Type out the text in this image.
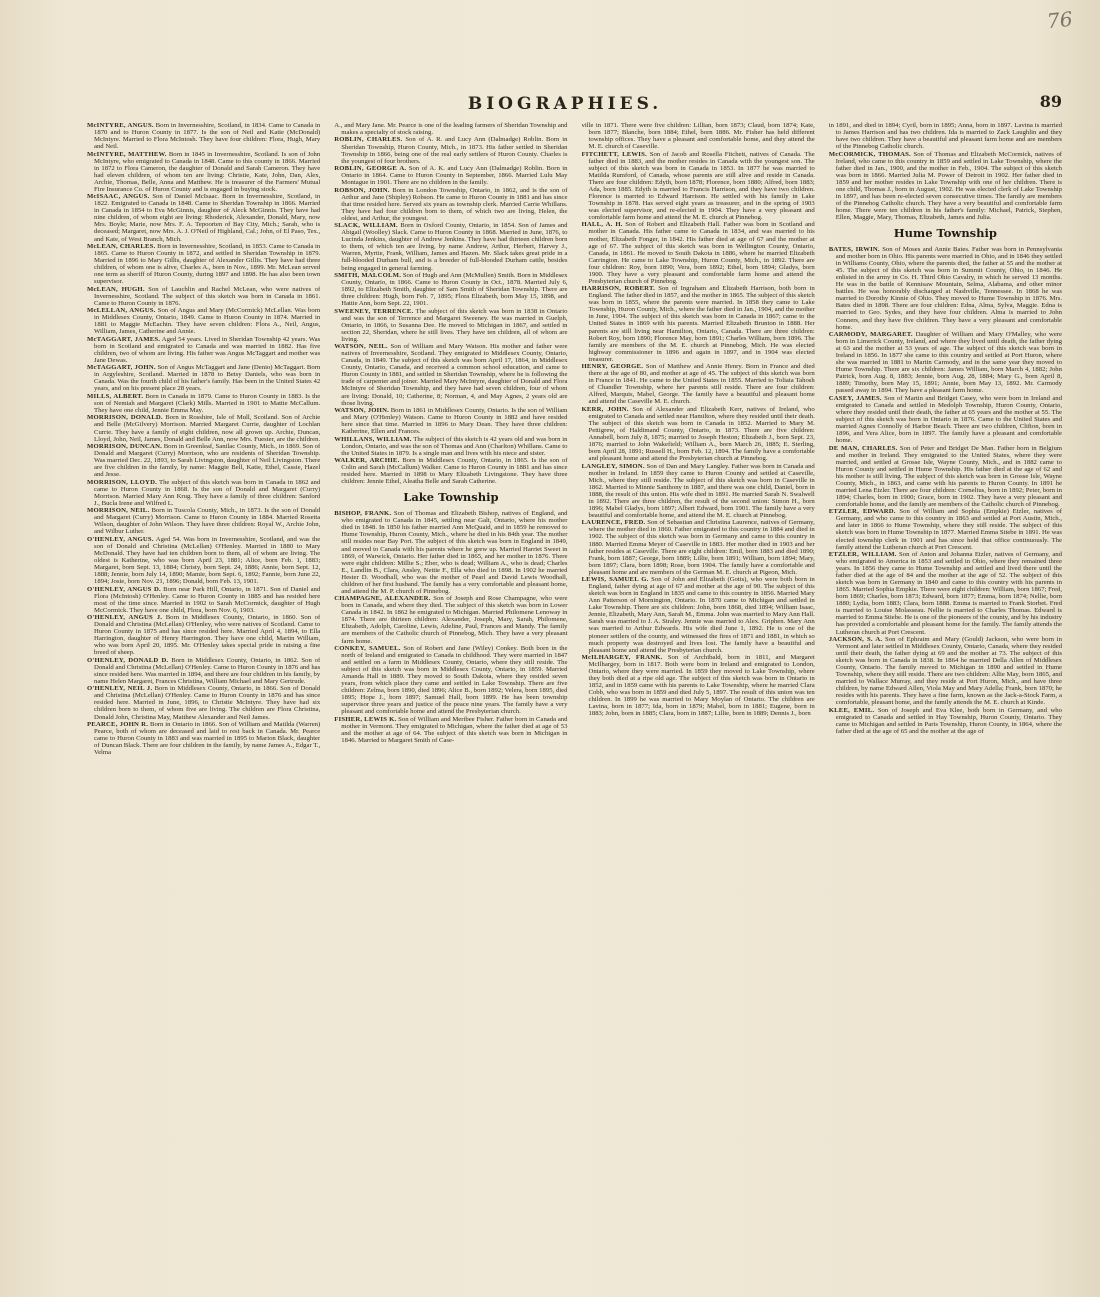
76
BIOGRAPHIES.	89

McINTYRE, ANGUS. Born in Invernesshire, Scotland, in 1834. Came to Canada in 1870 and to Huron County in 1877. Is the son of Neil and Katie (McDonald) McIntyre. Married to Flora McIntosh. They have four children: Flora, Hugh, Mary and Neil.

McINTYRE, MATTHEW. Born in 1845 in Invernesshire, Scotland. Is son of John McIntyre, who emigrated to Canada in 1848. Came to this county in 1866. Married in 1872 to Flora Cameron, the daughter of Donald and Sarah Cameron. They have had eleven children, of whom ten are living: Christie, Kate, John, Dan, Alex, Archie, Thomas, Belle, Anna and Matthew. He is treasurer of the Farmers' Mutual Fire Insurance Co. of Huron County and is engaged in buying stock.

McISAAC, ANGUS. Son of Daniel McIsaac. Born in Invernesshire, Scotland, in 1822. Emigrated to Canada in 1848. Came to Sheridan Township in 1866. Married in Canada in 1854 to Eva McGinnis, daughter of Aleck McGinnis. They have had nine children, of whom eight are living: Rhoderick, Alexander, Donald, Mary, now Mrs. Boyle; Marie, now Mrs. F. A. Tepoorten of Bay City, Mich.; Sarah, who is deceased; Margaret, now Mrs. A. J. O'Neil of Highland, Cal.; John, of El Paso, Tex., and Kate, of West Branch, Mich.

McLEAN, CHARLES. Born in Invernesshire, Scotland, in 1853. Came to Canada in 1865. Came to Huron County in 1872, and settled in Sheridan Township in 1879. Married in 1896 to Mary Gillis, daughter of Alexander Gillis. They have had three children, of whom one is alive, Charles A., born in Nov., 1899. Mr. McLean served one term as sheriff of Huron County, during 1897 and 1898. He has also been town supervisor.

McLEAN, HUGH. Son of Lauchlin and Rachel McLean, who were natives of Invernesshire, Scotland. The subject of this sketch was born in Canada in 1861. Came to Huron County in 1876.

McLELLAN, ANGUS. Son of Angus and Mary (McCormick) McLellan. Was born in Middlesex County, Ontario, 1849. Came to Huron County in 1874. Married in 1881 to Maggie McEachin. They have seven children: Flora A., Neil, Angus, William, James, Catherine and Annie.

McTAGGART, JAMES. Aged 54 years. Lived in Sheridan Township 42 years. Was born in Scotland and emigrated to Canada and was married in 1882. Has five children, two of whom are living. His father was Angus McTaggart and mother was Jane Dewas.

McTAGGART, JOHN. Son of Angus McTaggart and Jane (Denio) McTaggart. Born in Argyleshire, Scotland. Married in 1878 to Betsy Daniels, who was born in Canada. Was the fourth child of his father's family. Has been in the United States 42 years, and on his present place 28 years.

MILLS, ALBERT. Born in Canada in 1879. Came to Huron County in 1883. Is the son of Nemiah and Margaret (Clark) Mills. Married in 1901 to Mattie McCallum. They have one child, Jennie Emma May.

MORRISON, DONALD. Born in Rosshire, Isle of Mull, Scotland. Son of Archie and Belle (McGilvery) Morrison. Married Margaret Currie, daughter of Lochlan Currie. They have a family of eight children, now all grown up. Archie, Duncan, Lloyd, John, Neil, James, Donald and Belle Ann, now Mrs. Fuester, are the children.

MORRISON, DUNCAN. Born in Greenleaf, Sanilac County, Mich., in 1869. Son of Donald and Margaret (Curry) Morrison, who are residents of Sheridan Township. Was married Dec. 22, 1893, to Sarah Livingston, daughter of Neil Livingston. There are five children in the family, by name: Maggie Bell, Katie, Ethel, Cassie, Hazel and Jesse.

MORRISON, LLOYD. The subject of this sketch was born in Canada in 1862 and came to Huron County in 1868. Is the son of Donald and Margaret (Curry) Morrison. Married Mary Ann Krug. They have a family of three children: Sanford J., Bucla Irene and Wilfred L.

MORRISON, NEIL. Born in Tuscola County, Mich., in 1873. Is the son of Donald and Margaret (Curry) Morrison. Came to Huron County in 1884. Married Rosetta Wilson, daughter of John Wilson. They have three children: Royal W., Archie John, and Wilbur Luther.

O'HENLEY, ANGUS. Aged 54. Was born in Invernesshire, Scotland, and was the son of Donald and Christina (McLellan) O'Henley. Married in 1880 to Mary McDonald. They have had ten children born to them, all of whom are living. The oldest is Katherine, who was born April 23, 1881; Alice, born Feb. 1, 1883; Margaret, born Sept. 13, 1884; Christy, born Sept. 24, 1886; Annie, born Sept. 12, 1888; Jennie, born July 14, 1890; Mamie, born Sept. 6, 1892; Fannie, born June 22, 1894; Josie, born Nov. 21, 1896; Donald, born Feb. 13, 1901.

O'HENLEY, ANGUS D. Born near Park Hill, Ontario, in 1871. Son of Daniel and Flora (McIntosh) O'Henley. Came to Huron County in 1885 and has resided here most of the time since. Married in 1902 to Sarah McCormick, daughter of Hugh McCormick. They have one child, Flora, born Nov. 6, 1903.

O'HENLEY, ANGUS J. Born in Middlesex County, Ontario, in 1860. Son of Donald and Christina (McLellan) O'Henley, who were natives of Scotland. Came to Huron County in 1875 and has since resided here. Married April 4, 1894, to Ella Harrington, daughter of Henry Harrington. They have one child, Martin William, who was born April 20, 1895. Mr. O'Henley takes special pride in raising a fine breed of sheep.

O'HENLEY, DONALD D. Born in Middlesex County, Ontario, in 1862. Son of Donald and Christina (McLellan) O'Henley. Came to Huron County in 1876 and has since resided here. Was married in 1894, and there are four children in his family, by name Helen Margaret, Frances Christina, William Michael and Mary Gertrude.

O'HENLEY, NEIL J. Born in Middlesex County, Ontario, in 1866. Son of Donald and Christina (McLellan) O'Henley. Came to Huron County in 1876 and has since resided here. Married in June, 1896, to Christie McIntyre. They have had six children born to them, of whom five are living. The children are Flora Christina, Donald John, Christina May, Matthew Alexander and Neil James.

PEARCE, JOHN R. Born in Ontario in 1866. Son of William and Matilda (Warren) Pearce, both of whom are deceased and laid to rest back in Canada. Mr. Pearce came to Huron County in 1883 and was married in 1895 to Marion Black, daughter of Duncan Black. There are four children in the family, by name James A., Edgar T., Velma

A., and Mary Jane. Mr. Pearce is one of the leading farmers of Sheridan Township and makes a specialty of stock raising.

ROBLIN, CHARLES. Son of A. R. and Lucy Ann (Dalmadge) Roblin. Born in Sheridan Township, Huron County, Mich., in 1873. His father settled in Sheridan Township in 1866, being one of the real early settlers of Huron County. Charles is the youngest of four brothers.

ROBLIN, GEORGE A. Son of A. K. and Lucy Ann (Dalmadge) Roblin. Born in Ontario in 1864. Came to Huron County in September, 1866. Married Lulu May Montague in 1901. There are no children in the family.

ROBSON, JOHN. Born in London Township, Ontario, in 1862, and is the son of Arthur and Jane (Shipley) Robson. He came to Huron County in 1881 and has since that time resided here. Served six years as township clerk. Married Carrie Whillans. They have had four children born to them, of which two are living, Helen, the oldest, and Arthur, the youngest.

SLACK, WILLIAM. Born in Oxford County, Ontario, in 1854. Son of James and Abigail (Woolley) Slack. Came to Huron County in 1868. Married in June, 1876, to Lucinda Jenkins, daughter of Andrew Jenkins. They have had thirteen children born to them, of which ten are living, by name Andrew, Arthur, Herbert, Harvey J., Warren, Myrtie, Frank, William, James and Hazen. Mr. Slack takes great pride in a full-blooded Durham bull, and is a breeder of full-blooded Durham cattle, besides being engaged in general farming.

SMITH, MALCOLM. Son of Hugh and Ann (McMullen) Smith. Born in Middlesex County, Ontario, in 1866. Came to Huron County in Oct., 1878. Married July 6, 1892, to Elizabeth Smith, daughter of Sam Smith of Sheridan Township. There are three children: Hugh, born Feb. 7, 1895; Flora Elizabeth, born May 15, 1898, and Hattie Ann, born Sept. 22, 1901.

SWEENEY, TERRENCE. The subject of this sketch was born in 1838 in Ontario and was the son of Terrence and Margaret Sweeney. He was married in Guelph, Ontario, in 1866, to Susanna Dee. He moved to Michigan in 1867, and settled in section 22, Sheridan, where he still lives. They have ten children, all of whom are living.

WATSON, NEIL. Son of William and Mary Watson. His mother and father were natives of Invernesshire, Scotland. They emigrated to Middlesex County, Ontario, Canada, in 1849. The subject of this sketch was born April 17, 1864, in Middlesex County, Ontario, Canada, and received a common school education, and came to Huron County in 1881, and settled in Sheridan Township, where he is following the trade of carpenter and joiner. Married Mary McIntyre, daughter of Donald and Flora McIntyre of Sheridan Township, and they have had seven children, four of whom are living: Donald, 10; Catherine, 8; Norman, 4, and May Agnes, 2 years old are those living.

WATSON, JOHN. Born in 1861 in Middlesex County, Ontario. Is the son of William and Mary (O'Henley) Watson. Came to Huron County in 1882 and have resided here since that time. Married in 1896 to Mary Dean. They have three children: Katherine, Ellen and Frances.

WHILLANS, WILLIAM. The subject of this sketch is 42 years old and was born in London, Ontario, and was the son of Thomas and Ann (Charlton) Whillans. Came to the United States in 1879. Is a single man and lives with his niece and sister.

WALKER, ARCHIE. Born in Middlesex County, Ontario, in 1865. Is the son of Colin and Sarah (McCallum) Walker. Came to Huron County in 1881 and has since resided here. Married in 1898 to Mary Elizabeth Livingstone. They have three children: Jennie Ethel, Aleatha Belle and Sarah Catherine.

Lake Township

BISHOP, FRANK. Son of Thomas and Elizabeth Bishop, natives of England, and who emigrated to Canada in 1845, settling near Galt, Ontario, where his mother died in 1848. In 1850 his father married Ann McQuaid, and in 1859 he removed to Hume Township, Huron County, Mich., where he died in his 84th year. The mother still resides near Bay Port. The subject of this sketch was born in England in 1849, and moved to Canada with his parents where he grew up. Married Harriet Sweet in 1869, of Warwick, Ontario. Her father died in 1865, and her mother in 1876. There were eight children: Millie S.; Eber, who is dead; William A., who is dead; Charles E., Landlin B., Clara, Ansley, Nettie F., Ella who died in 1898. In 1902 he married Hester D. Woodhall, who was the mother of Pearl and David Lewis Woodhall, children of her first husband. The family has a very comfortable and pleasant home, and attend the M. P. church of Pinnebog.

CHAMPAGNE, ALEXANDER. Son of Joseph and Rose Champagne, who were born in Canada, and where they died. The subject of this sketch was born in Lower Canada in 1842. In 1862 he emigrated to Michigan. Married Philomene Lenoway in 1874. There are thirteen children: Alexander, Joseph, Mary, Sarah, Philomene, Elizabeth, Adolph, Caroline, Lewis, Adeline, Paul, Frances and Mandy. The family are members of the Catholic church of Pinnebog, Mich. They have a very pleasant farm home.

CONKEY, SAMUEL. Son of Robert and Jane (Wiley) Conkey. Both born in the north of Ireland and emigrated to Canada in childhood. They were married in 1847 and settled on a farm in Middlesex County, Ontario, where they still reside. The subject of this sketch was born in Middlesex County, Ontario, in 1859. Married Amanda Hall in 1889. They moved to South Dakota, where they resided seven years, from which place they came and settled in Lake Township. There are five children: Zelma, born 1890, died 1896; Alice B., born 1892; Velera, born 1895, died 1895; Hope J., born 1897; Samuel Hall, born 1899. He has been township supervisor three years and justice of the peace nine years. The family have a very pleasant and comfortable home and attend the Presbyterian church.

FISHER, LEWIS K. Son of William and Meribee Fisher. Father born in Canada and mother in Vermont. They emigrated to Michigan, where the father died at age of 53 and the mother at age of 64. The subject of this sketch was born in Michigan in 1846. Married to Margaret Smith of Case-

ville in 1871. There were five children: Lillian, born 1873; Claud, born 1874; Kate, born 1877; Blanche, born 1884; Ethel, born 1886. Mr. Fisher has held different township offices. They have a pleasant and comfortable home, and they attend the M. E. church of Caseville.

FITCHETT, LEWIS. Son of Jacob and Rosella Fitchett, natives of Canada. The father died in 1883, and the mother resides in Canada with the youngest son. The subject of this sketch was born in Canada in 1853. In 1877 he was married to Matilda Rumford, of Canada, whose parents are still alive and reside in Canada. There are four children: Edyth, born 1878; Florence, born 1880; Alfred, born 1883; Ada, born 1885. Edyth is married to Francis Harrison, and they have two children. Florence is married to Edward Harrison. He settled with his family in Lake Township in 1878. Has served eight years as treasurer, and in the spring of 1903 was elected supervisor, and re-elected in 1904. They have a very pleasant and comfortable farm home and attend the M. E. church at Pinnebog.

HALL, A. H. Son of Robert and Elizabeth Hall. Father was born in Scotland and mother in Canada. His father came to Canada in 1834, and was married to his mother, Elizabeth Fonger, in 1842. His father died at age of 67 and the mother at age of 67. The subject of this sketch was born in Wellington County, Ontario, Canada, in 1861. He moved to South Dakota in 1886, where he married Elizabeth Carrington. He came to Lake Township, Huron County, Mich., in 1892. There are four children: Roy, born 1890; Vera, born 1892; Ethel, born 1894; Gladys, born 1900. They have a very pleasant and comfortable farm home and attend the Presbyterian church of Pinnebog.

HARRISON, ROBERT. Son of Ingraham and Elizabeth Harrison, both born in England. The father died in 1857, and the mother in 1865. The subject of this sketch was born in 1855, where the parents were married. In 1858 they came to Lake Township, Huron County, Mich., where the father died in Jan., 1904, and the mother in June, 1904. The subject of this sketch was born in Canada in 1867; came to the United States in 1869 with his parents. Married Elizabeth Brunton in 1888. Her parents are still living near Hamilton, Ontario, Canada. There are three children: Robert Roy, born 1890; Florence May, born 1891; Charles William, born 1896. The family are members of the M. E. church at Pinnebog, Mich. He was elected highway commissioner in 1896 and again in 1897, and in 1904 was elected treasurer.

HENRY, GEORGE. Son of Matthew and Annie Henry. Born in France and died there at the age of 80, and mother at age of 45. The subject of this sketch was born in France in 1841. He came to the United States in 1855. Married to Toliata Tahosh of Chandler Township, where her parents still reside. There are four children: Alfred, Marquis, Mabel, George. The family have a beautiful and pleasant home and attend the Caseville M. E. church.

KERR, JOHN. Son of Alexander and Elizabeth Kerr, natives of Ireland, who emigrated to Canada and settled near Hamilton, where they resided until their death. The subject of this sketch was born in Canada in 1852. Married to Mary M. Pettigrew, of Haldimand County, Ontario, in 1873. There are five children: Annabell, born July 8, 1875; married to Joseph Heston; Elizabeth J., born Sept. 23, 1876; married to John Wakefield; William A., born March 26, 1885; E. Sterling, born April 28, 1891; Russell H., born Feb. 12, 1894. The family have a comfortable and pleasant home and attend the Presbyterian church at Pinnebog.

LANGLEY, SIMON. Son of Dan and Mary Langley. Father was born in Canada and mother in Ireland. In 1859 they came to Huron County and settled at Caseville, Mich., where they still reside. The subject of this sketch was born in Caseville in 1862. Married to Minnie Santhony in 1887, and there was one child, Daniel, born in 1888, the result of this union. His wife died in 1891. He married Sarah N. Swalwell in 1892. There are three children, the result of the second union: Simon H., born 1896; Mabel Gladys, born 1897; Albert Edward, born 1901. The family have a very beautiful and comfortable home, and attend the M. E. church at Pinnebog.

LAURENCE, FRED. Son of Sebastian and Christina Laurence, natives of Germany, where the mother died in 1860. Father emigrated to this country in 1884 and died in 1902. The subject of this sketch was born in Germany and came to this country in 1880. Married Emma Meyer of Caseville in 1883. Her mother died in 1903 and her father resides at Caseville. There are eight children: Emil, born 1883 and died 1890; Frank, born 1887; George, born 1889; Lillie, born 1891; William, born 1894; Mary, born 1897; Clara, born 1898; Rose, born 1904. The family have a comfortable and pleasant home and are members of the German M. E. church at Pigeon, Mich.

LEWIS, SAMUEL G. Son of John and Elizabeth (Gotts), who were both born in England, father dying at age of 67 and mother at the age of 90. The subject of this sketch was born in England in 1835 and came to this country in 1856. Married Mary Ann Patterson of Mornington, Ontario. In 1870 came to Michigan and settled in Lake Township. There are six children: John, born 1868, died 1894; William Isaac, Jennie, Elizabeth, Mary Ann, Sarah M., Emma. John was married to Mary Ann Hall. Sarah was married to J. A. Straley. Jennie was married to Alex. Griphen. Mary Ann was married to Arthur Edwards. His wife died June 1, 1892. He is one of the pioneer settlers of the county, and witnessed the fires of 1871 and 1881, in which so much property was destroyed and lives lost. The family have a beautiful and pleasant home and attend the Presbyterian church.

McILHARGEY, FRANK. Son of Archibald, born in 1811, and Margaret McIlhargey, born in 1817. Both were born in Ireland and emigrated to London, Ontario, where they were married. In 1859 they moved to Lake Township, where they both died at a ripe old age. The subject of this sketch was born in Ontario in 1852, and in 1859 came with his parents to Lake Township, where he married Clara Cobb, who was born in 1859 and died July 5, 1897. The result of this union was ten children. In 1899 he was married to Mary Moylan of Ontario. The children are Lavina, born in 1877; Ida, born in 1879; Mabel, born in 1881; Eugene, born in 1883; John, born in 1885; Clara, born in 1887; Lillie, born in 1889; Dennis J., born

in 1891, and died in 1894; Cyril, born in 1895; Anna, born in 1897. Lavina is married to James Harrison and has two children. Ida is married to Zack Laughlin and they have two children. They have a beautiful and pleasant farm home and are members of the Pinnebog Catholic church.

McCORMICK, THOMAS. Son of Thomas and Elizabeth McCormick, natives of Ireland, who came to this country in 1859 and settled in Lake Township, where the father died in Jan., 1900, and the mother in Feb., 1904. The subject of this sketch was born in 1866. Married Julia M. Power of Detroit in 1902. Her father died in 1859 and her mother resides in Lake Township with one of her children. There is one child, Thomas J., born in August, 1902. He was elected clerk of Lake Township in 1897, and has been re-elected seven consecutive times. The family are members of the Pinnebog Catholic church. They have a very beautiful and comfortable farm home. There were ten children in his father's family: Michael, Patrick, Stephen, Ellen, Maggie, Mary, Thomas, Elizabeth, James and Julia.

Hume Township

BATES, IRWIN. Son of Moses and Annie Bates. Father was born in Pennsylvania and mother born in Ohio. His parents were married in Ohio, and in 1846 they settled in Williams County, Ohio, where the parents died, the father at 55 and the mother at 45. The subject of this sketch was born in Summit County, Ohio, in 1846. He enlisted in the army in Co. H. Third Ohio Cavalry, in which he served 13 months. He was in the battle of Kennisaw Mountain, Selma, Alabama, and other minor battles. He was honorably discharged at Nashville, Tennessee. In 1868 he was married to Dorothy Kinnie of Ohio. They moved to Hume Township in 1876. Mrs. Bates died in 1898. There are four children: Edna, Alma, Sylva, Maggie. Edna is married to Geo. Sydes, and they have four children. Alma is married to John Conners, and they have five children. They have a very pleasant and comfortable home.

CARMODY, MARGARET. Daughter of William and Mary O'Malley, who were born in Limerick County, Ireland, and where they lived until death, the father dying at 63 and the mother at 53 years of age. The subject of this sketch was born in Ireland in 1856. In 1877 she came to this country and settled at Port Huron, where she was married in 1881 to Martin Carmody, and in the same year they moved to Hume Township. There are six children: James William, born March 4, 1882; John Patrick, born Aug. 8, 1883; Jennie, born Aug. 28, 1884; Mary G., born April 8, 1889; Timothy, born May 15, 1891; Annie, born May 13, 1892. Mr. Carmody passed away in 1894. They have a pleasant farm home.

CASEY, JAMES. Son of Martin and Bridget Casey, who were born in Ireland and emigrated to Canada and settled in Medolph Township, Huron County, Ontario, where they resided until their death, the father at 65 years and the mother at 55. The subject of this sketch was born in Ontario in 1876. Came to the United States and married Agnes Connolly of Harbor Beach. There are two children, Clifton, born in 1896, and Vera Alice, born in 1897. The family have a pleasant and comfortable home.

DE MAN, CHARLES. Son of Peter and Bridget De Man. Father born in Belgium and mother in Ireland. They emigrated to the United States, where they were married, and settled at Grosse Isle, Wayne County, Mich., and in 1882 came to Huron County and settled in Hume Township. His father died at the age of 62 and his mother is still living. The subject of this sketch was born in Grosse Isle, Wayne County, Mich., in 1863, and came with his parents to Huron County. In 1891 he married Lena Etzler. There are four children: Cornelius, born in 1892; Peter, born in 1894; Charles, born in 1900; Grace, born in 1902. They have a very pleasant and comfortable home, and the family are members of the Catholic church of Pinnebog.

ETZLER, EDWARD. Son of William and Sophia (Empkie) Etzler, natives of Germany, and who came to this country in 1863 and settled at Port Austin, Mich., and later in 1866 to Hume Township, where they still reside. The subject of this sketch was born in Hume Township in 1877. Married Emma Stiebe in 1891. He was elected township clerk in 1901 and has since held that office continuously. The family attend the Lutheran church at Port Crescent.

ETZLER, WILLIAM. Son of Anton and Johanna Etzler, natives of Germany, and who emigrated to America in 1853 and settled in Ohio, where they remained three years. In 1856 they came to Hume Township and settled and lived there until the father died at the age of 84 and the mother at the age of 52. The subject of this sketch was born in Germany in 1840 and came to this country with his parents in 1865. Married Sophia Empkie. There were eight children: William, born 1867; Fred, born 1869; Charles, born 1873; Edward, born 1877; Emma, born 1874; Nellie, born 1880; Lydia, born 1883; Clara, born 1888. Emma is married to Frank Storbet. Fred is married to Louise Molasseau. Nellie is married to Charles Thomas. Edward is married to Emma Stiebe. He is one of the pioneers of the county, and by his industry has provided a comfortable and pleasant home for the family. The family attends the Lutheran church at Port Crescent.

JACKSON, S. A. Son of Ephraim and Mary (Gould) Jackson, who were born in Vermont and later settled in Middlesex County, Ontario, Canada, where they resided until their death, the father dying at 69 and the mother at 73. The subject of this sketch was born in Canada in 1838. In 1864 he married Della Allen of Middlesex County, Ontario. The family moved to Michigan in 1890 and settled in Hume Township, where they still reside. There are two children: Allie May, born 1865, and married to Wallace Murray, and they reside at Port Huron, Mich., and have three children, by name Edward Allen, Viola May and Mary Adella; Frank, born 1870; he resides with his parents. They have a fine farm, known as the Jack-a-Stock Farm, a comfortable, pleasant home, and the family attends the M. E. church at Kinde.

KLEE, EMIL. Son of Joseph and Eva Klee, both born in Germany, and who emigrated to Canada and settled in Hay Township, Huron County, Ontario. They came to Michigan and settled in Paris Township, Huron County, in 1864, where the father died at the age of 65 and the mother at the age of
